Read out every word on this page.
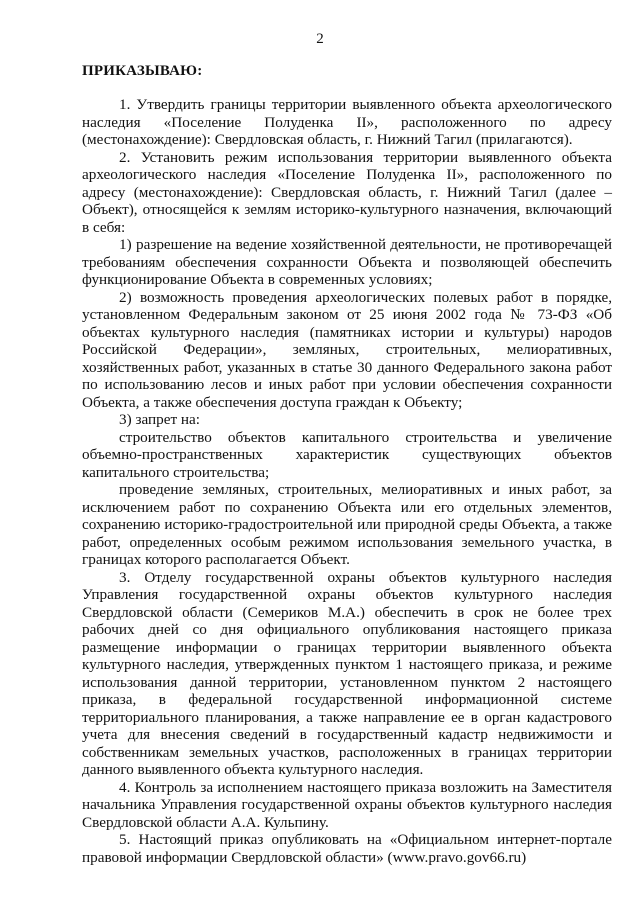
2
ПРИКАЗЫВАЮ:

1. Утвердить границы территории выявленного объекта археологического наследия «Поселение Полуденка II», расположенного по адресу (местонахождение): Свердловская область, г. Нижний Тагил (прилагаются).

2. Установить режим использования территории выявленного объекта археологического наследия «Поселение Полуденка II», расположенного по адресу (местонахождение): Свердловская область, г. Нижний Тагил (далее – Объект), относящейся к землям историко-культурного назначения, включающий в себя:

1) разрешение на ведение хозяйственной деятельности, не противоречащей требованиям обеспечения сохранности Объекта и позволяющей обеспечить функционирование Объекта в современных условиях;

2) возможность проведения археологических полевых работ в порядке, установленном Федеральным законом от 25 июня 2002 года № 73-ФЗ «Об объектах культурного наследия (памятниках истории и культуры) народов Российской Федерации», земляных, строительных, мелиоративных, хозяйственных работ, указанных в статье 30 данного Федерального закона работ по использованию лесов и иных работ при условии обеспечения сохранности Объекта, а также обеспечения доступа граждан к Объекту;

3) запрет на:

строительство объектов капитального строительства и увеличение объемно-пространственных характеристик существующих объектов капитального строительства;

проведение земляных, строительных, мелиоративных и иных работ, за исключением работ по сохранению Объекта или его отдельных элементов, сохранению историко-градостроительной или природной среды Объекта, а также работ, определенных особым режимом использования земельного участка, в границах которого располагается Объект.

3. Отделу государственной охраны объектов культурного наследия Управления государственной охраны объектов культурного наследия Свердловской области (Семериков М.А.) обеспечить в срок не более трех рабочих дней со дня официального опубликования настоящего приказа размещение информации о границах территории выявленного объекта культурного наследия, утвержденных пунктом 1 настоящего приказа, и режиме использования данной территории, установленном пунктом 2 настоящего приказа, в федеральной государственной информационной системе территориального планирования, а также направление ее в орган кадастрового учета для внесения сведений в государственный кадастр недвижимости и собственникам земельных участков, расположенных в границах территории данного выявленного объекта культурного наследия.

4. Контроль за исполнением настоящего приказа возложить на Заместителя начальника Управления государственной охраны объектов культурного наследия Свердловской области А.А. Кульпину.

5. Настоящий приказ опубликовать на «Официальном интернет-портале правовой информации Свердловской области» (www.pravo.gov66.ru)
